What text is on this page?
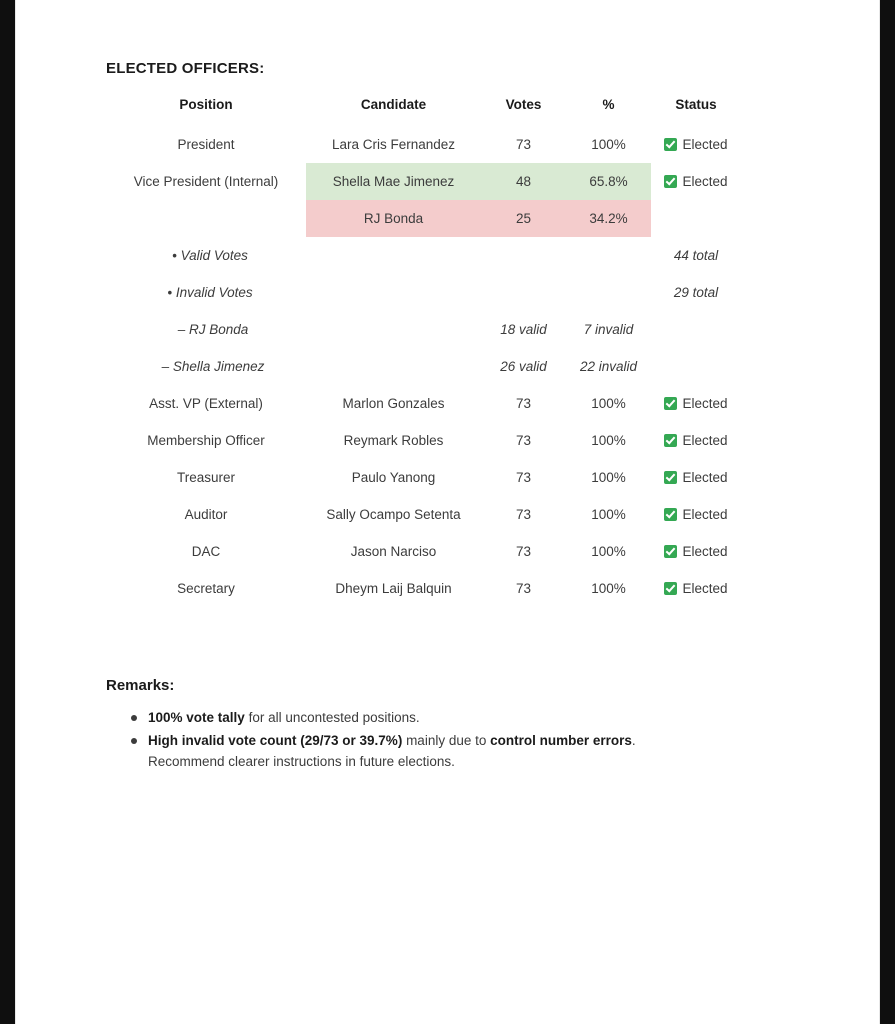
ELECTED OFFICERS:
Position	Candidate	Votes	%	Status
President	Lara Cris Fernandez	73	100%	Elected
Vice President (Internal)	Shella Mae Jimenez	48	65.8%	Elected
	RJ Bonda	25	34.2%	
• Valid Votes				44 total
• Invalid Votes				29 total
– RJ Bonda		18 valid	7 invalid	
– Shella Jimenez		26 valid	22 invalid	
Asst. VP (External)	Marlon Gonzales	73	100%	Elected
Membership Officer	Reymark Robles	73	100%	Elected
Treasurer	Paulo Yanong	73	100%	Elected
Auditor	Sally Ocampo Setenta	73	100%	Elected
DAC	Jason Narciso	73	100%	Elected
Secretary	Dheym Laij Balquin	73	100%	Elected
Remarks:
100% vote tally for all uncontested positions.
High invalid vote count (29/73 or 39.7%) mainly due to control number errors.
Recommend clearer instructions in future elections.
